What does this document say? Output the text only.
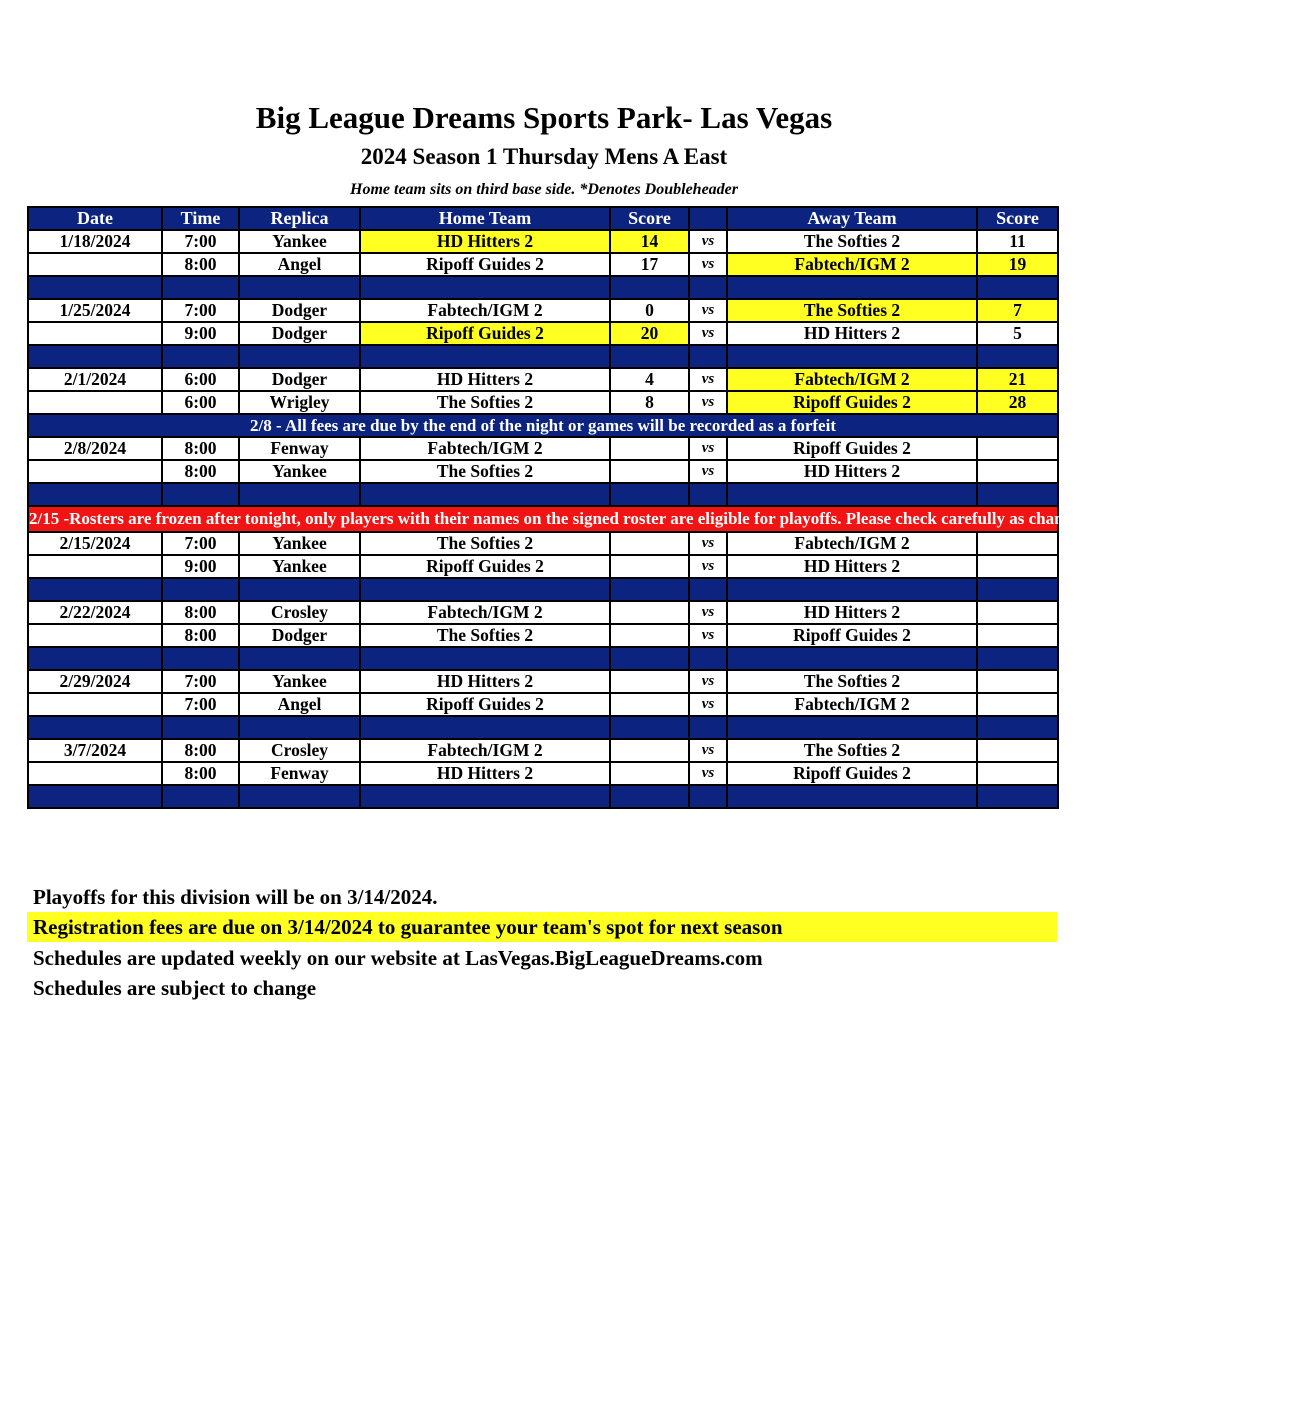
Big League Dreams Sports Park- Las Vegas
2024 Season 1 Thursday Mens A East
Home team sits on third base side. *Denotes Doubleheader
Date	Time	Replica	Home Team	Score		Away Team	Score
1/18/2024	7:00	Yankee	HD Hitters 2	14	vs	The Softies 2	11
	8:00	Angel	Ripoff Guides 2	17	vs	Fabtech/IGM 2	19

1/25/2024	7:00	Dodger	Fabtech/IGM 2	0	vs	The Softies 2	7
	9:00	Dodger	Ripoff Guides 2	20	vs	HD Hitters 2	5

2/1/2024	6:00	Dodger	HD Hitters 2	4	vs	Fabtech/IGM 2	21
	6:00	Wrigley	The Softies 2	8	vs	Ripoff Guides 2	28
2/8 - All fees are due by the end of the night or games will be recorded as a forfeit							
2/8/2024	8:00	Fenway	Fabtech/IGM 2		vs	Ripoff Guides 2	
	8:00	Yankee	The Softies 2		vs	HD Hitters 2	

2/15 -Rosters are frozen after tonight, only players with their names on the signed roster are eligible for playoffs. Please check carefully as changes will not be made for omissions.							
2/15/2024	7:00	Yankee	The Softies 2		vs	Fabtech/IGM 2	
	9:00	Yankee	Ripoff Guides 2		vs	HD Hitters 2	

2/22/2024	8:00	Crosley	Fabtech/IGM 2		vs	HD Hitters 2	
	8:00	Dodger	The Softies 2		vs	Ripoff Guides 2	

2/29/2024	7:00	Yankee	HD Hitters 2		vs	The Softies 2	
	7:00	Angel	Ripoff Guides 2		vs	Fabtech/IGM 2	

3/7/2024	8:00	Crosley	Fabtech/IGM 2		vs	The Softies 2	
	8:00	Fenway	HD Hitters 2		vs	Ripoff Guides 2	

Playoffs for this division will be on 3/14/2024.
Registration fees are due on 3/14/2024 to guarantee your team's spot for next season
Schedules are updated weekly on our website at LasVegas.BigLeagueDreams.com
Schedules are subject to change
